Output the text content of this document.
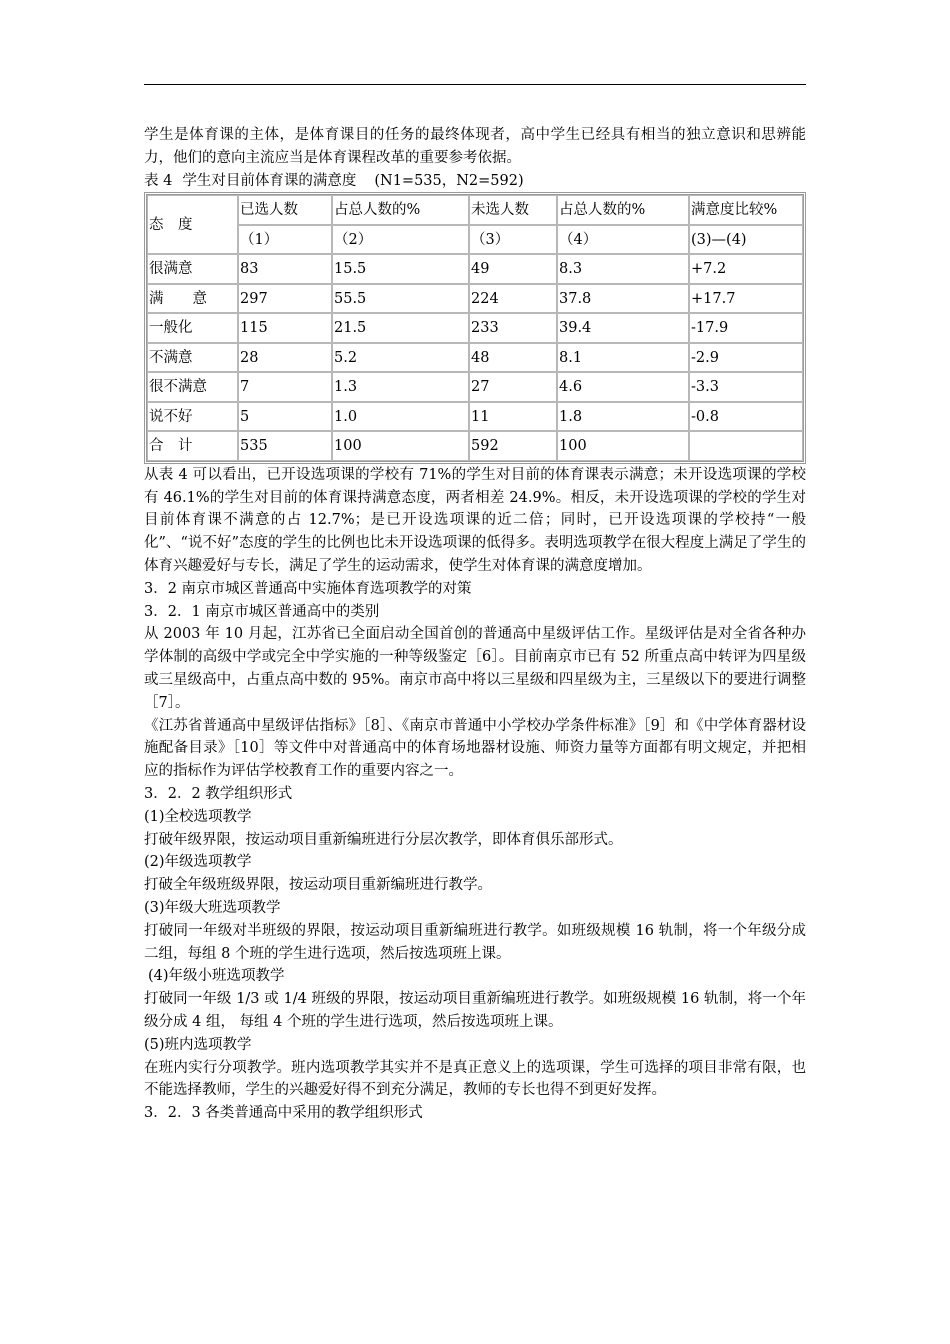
学生是体育课的主体，是体育课目的任务的最终体现者，高中学生已经具有相当的独立意识和思辨能力，他们的意向主流应当是体育课程改革的重要参考依据。

表 4 学生对目前体育课的满意度 (N1=535，N2=592)

态　度	已选人数	占总人数的%	未选人数	占总人数的%	满意度比较%
	（1）	（2）	（3）	（4）	(3)—(4)
很满意	83	15.5	49	8.3	+7.2
满　　意	297	55.5	224	37.8	+17.7
一般化	115	21.5	233	39.4	-17.9
不满意	28	5.2	48	8.1	-2.9
很不满意	7	1.3	27	4.6	-3.3
说不好	5	1.0	11	1.8	-0.8
合　计	535	100	592	100	

从表 4 可以看出，已开设选项课的学校有 71%的学生对目前的体育课表示满意；未开设选项课的学校有 46.1%的学生对目前的体育课持满意态度，两者相差 24.9%。相反，未开设选项课的学校的学生对目前体育课不满意的占 12.7%；是已开设选项课的近二倍；同时，已开设选项课的学校持“一般化”、“说不好”态度的学生的比例也比未开设选项课的低得多。表明选项教学在很大程度上满足了学生的体育兴趣爱好与专长，满足了学生的运动需求，使学生对体育课的满意度增加。

3．2 南京市城区普通高中实施体育选项教学的对策

3．2．1 南京市城区普通高中的类别

从 2003 年 10 月起，江苏省已全面启动全国首创的普通高中星级评估工作。星级评估是对全省各种办学体制的高级中学或完全中学实施的一种等级鉴定［6］。目前南京市已有 52 所重点高中转评为四星级或三星级高中，占重点高中数的 95%。南京市高中将以三星级和四星级为主，三星级以下的要进行调整［7］。

《江苏省普通高中星级评估指标》［8］、《南京市普通中小学校办学条件标准》［9］和《中学体育器材设施配备目录》［10］等文件中对普通高中的体育场地器材设施、师资力量等方面都有明文规定，并把相应的指标作为评估学校教育工作的重要内容之一。

3．2．2 教学组织形式

(1)全校选项教学

打破年级界限，按运动项目重新编班进行分层次教学，即体育俱乐部形式。

(2)年级选项教学

打破全年级班级界限，按运动项目重新编班进行教学。

(3)年级大班选项教学

打破同一年级对半班级的界限，按运动项目重新编班进行教学。如班级规模 16 轨制，将一个年级分成二组，每组 8 个班的学生进行选项，然后按选项班上课。

(4)年级小班选项教学

打破同一年级 1/3 或 1/4 班级的界限，按运动项目重新编班进行教学。如班级规模 16 轨制，将一个年级分成 4 组， 每组 4 个班的学生进行选项，然后按选项班上课。

(5)班内选项教学

在班内实行分项教学。班内选项教学其实并不是真正意义上的选项课，学生可选择的项目非常有限，也不能选择教师，学生的兴趣爱好得不到充分满足，教师的专长也得不到更好发挥。

3．2．3 各类普通高中采用的教学组织形式
